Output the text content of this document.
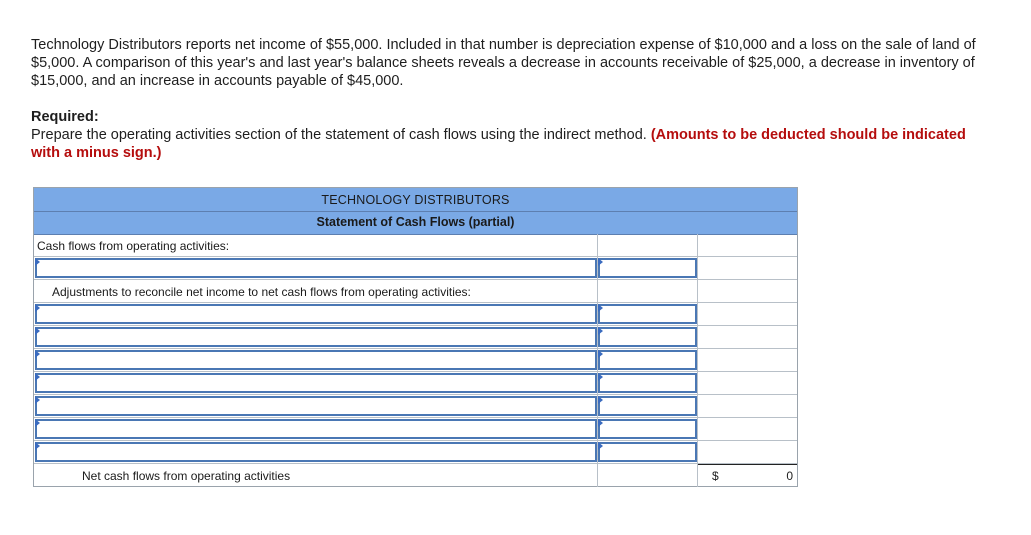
Technology Distributors reports net income of $55,000. Included in that number is depreciation expense of $10,000 and a loss on the sale of land of $5,000. A comparison of this year's and last year's balance sheets reveals a decrease in accounts receivable of $25,000, a decrease in inventory of $15,000, and an increase in accounts payable of $45,000.
Required:
Prepare the operating activities section of the statement of cash flows using the indirect method. (Amounts to be deducted should be indicated with a minus sign.)
TECHNOLOGY DISTRIBUTORS
Statement of Cash Flows (partial)
Cash flows from operating activities:
Adjustments to reconcile net income to net cash flows from operating activities:
Net cash flows from operating activities	$	0
